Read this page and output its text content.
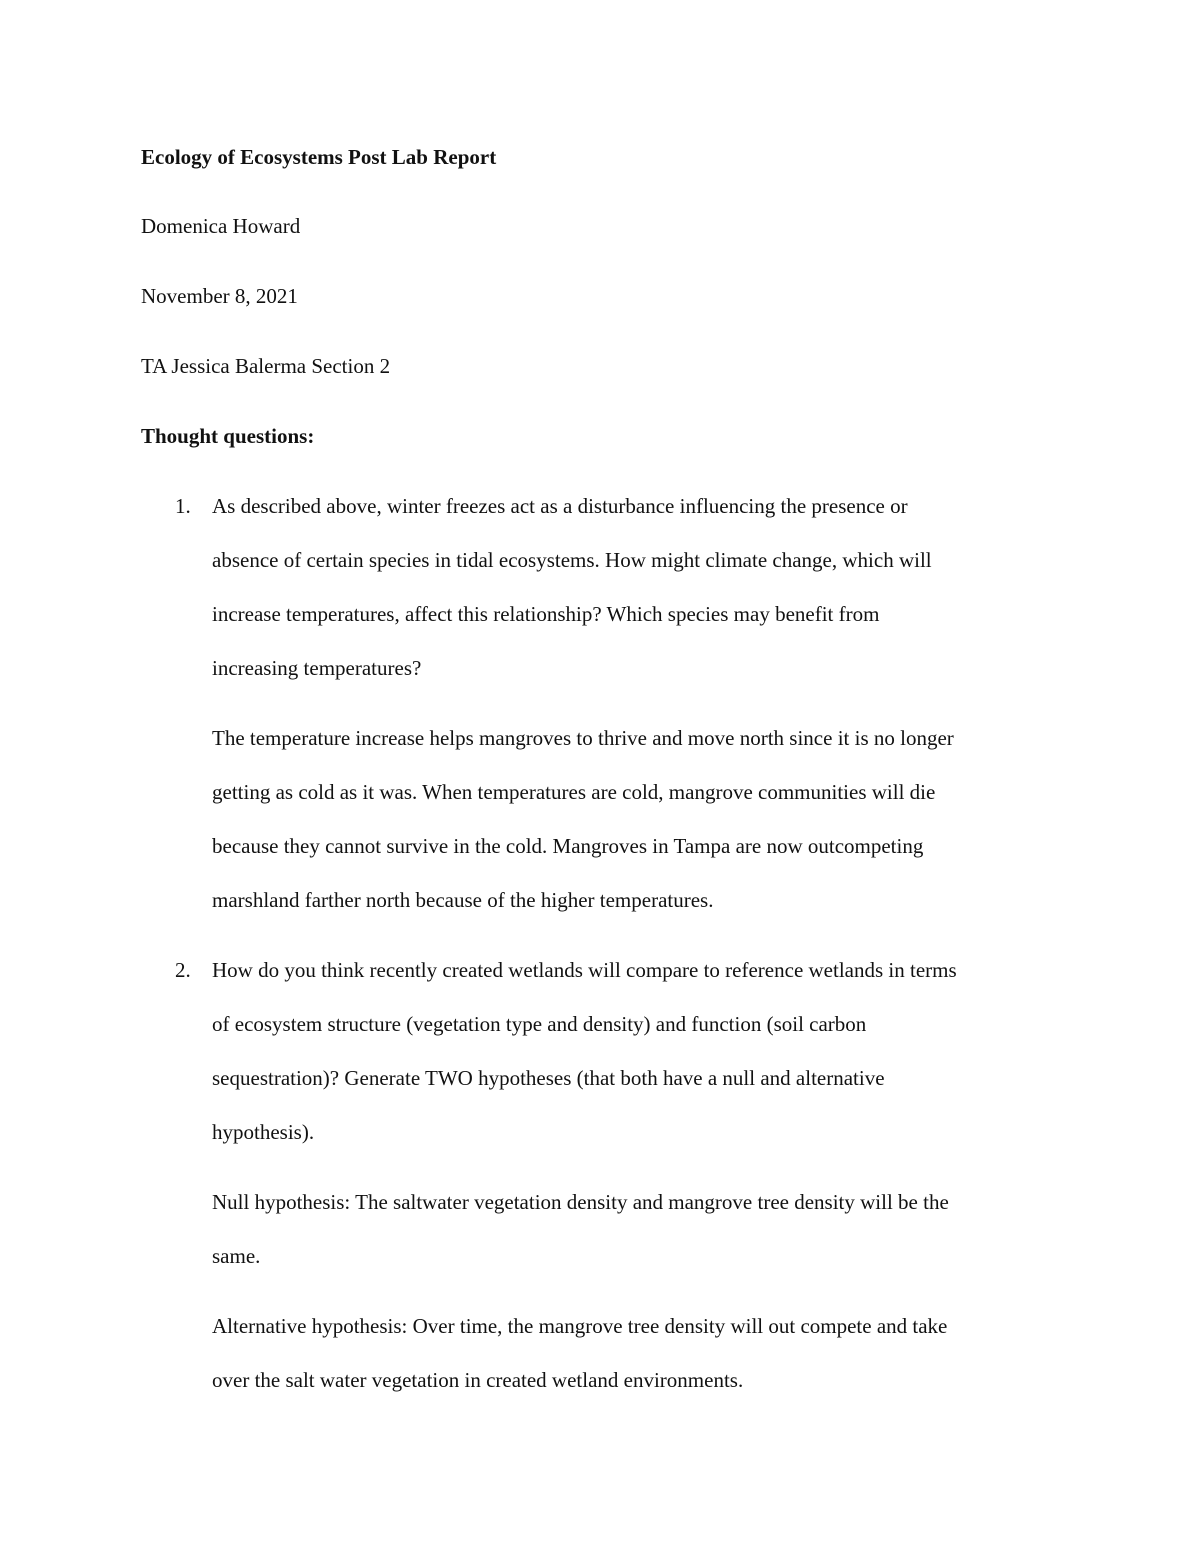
Ecology of Ecosystems Post Lab Report
Domenica Howard
November 8, 2021
TA Jessica Balerma Section 2
Thought questions:
1. As described above, winter freezes act as a disturbance influencing the presence or
absence of certain species in tidal ecosystems. How might climate change, which will
increase temperatures, affect this relationship? Which species may benefit from
increasing temperatures?
The temperature increase helps mangroves to thrive and move north since it is no longer
getting as cold as it was. When temperatures are cold, mangrove communities will die
because they cannot survive in the cold. Mangroves in Tampa are now outcompeting
marshland farther north because of the higher temperatures.
2. How do you think recently created wetlands will compare to reference wetlands in terms
of ecosystem structure (vegetation type and density) and function (soil carbon
sequestration)? Generate TWO hypotheses (that both have a null and alternative
hypothesis).
Null hypothesis: The saltwater vegetation density and mangrove tree density will be the
same.
Alternative hypothesis: Over time, the mangrove tree density will out compete and take
over the salt water vegetation in created wetland environments.
